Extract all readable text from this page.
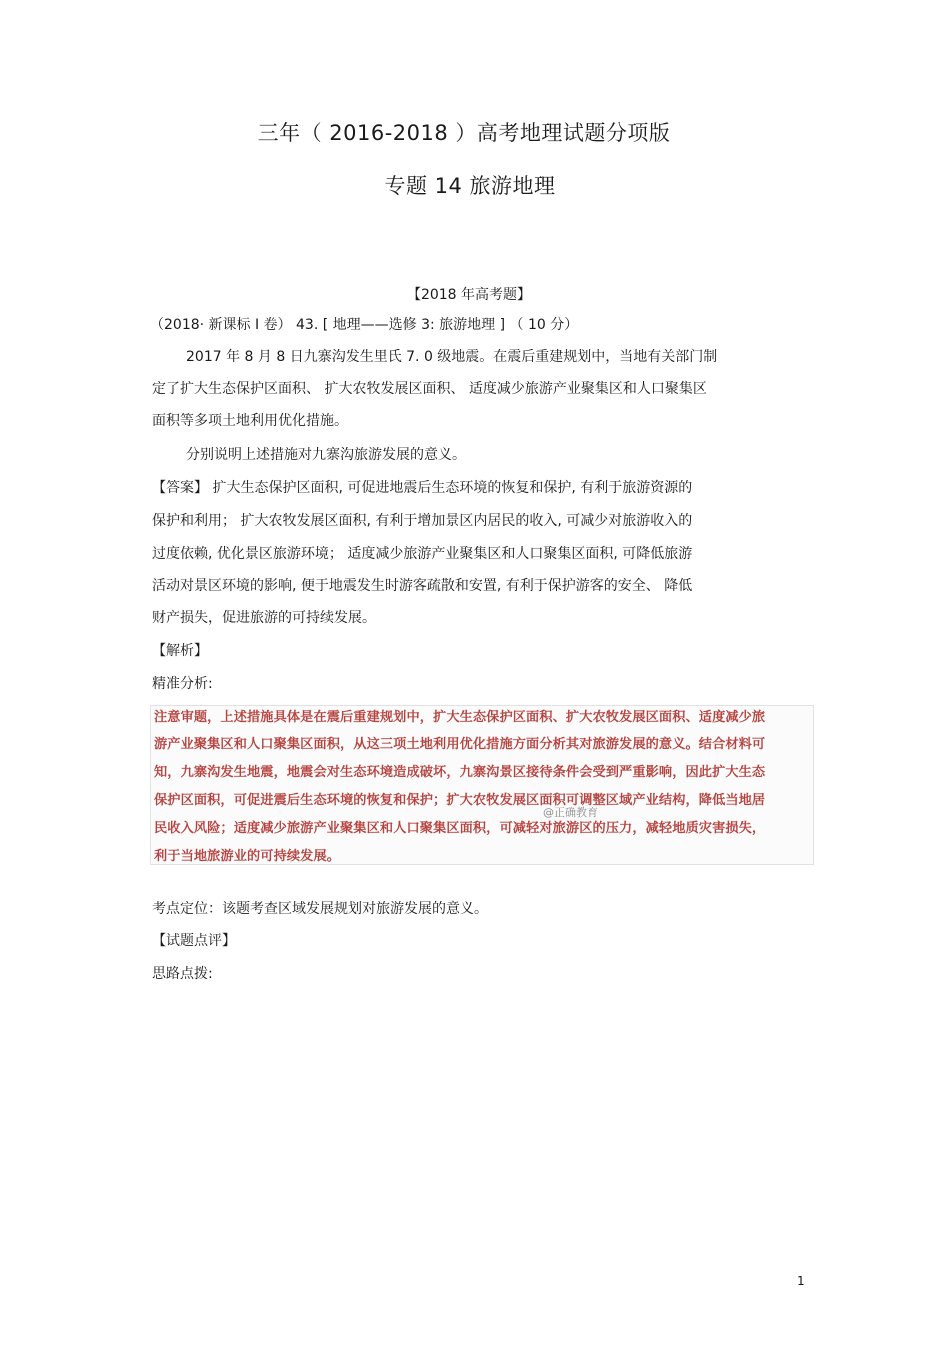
三年（ 2016-2018 ）高考地理试题分项版
专题 14 旅游地理
【2018 年高考题】
（2018· 新课标 I 卷） 43. [ 地理——选修 3: 旅游地理 ] （ 10 分）
2017 年 8 月 8 日九寨沟发生里氏 7. 0 级地震。在震后重建规划中，当地有关部门制
定了扩大生态保护区面积、 扩大农牧发展区面积、 适度减少旅游产业聚集区和人口聚集区
面积等多项土地利用优化措施。
分别说明上述措施对九寨沟旅游发展的意义。
【答案】 扩大生态保护区面积, 可促进地震后生态环境的恢复和保护, 有利于旅游资源的
保护和利用； 扩大农牧发展区面积, 有利于增加景区内居民的收入, 可减少对旅游收入的
过度依赖, 优化景区旅游环境； 适度减少旅游产业聚集区和人口聚集区面积, 可降低旅游
活动对景区环境的影响, 便于地震发生时游客疏散和安置, 有利于保护游客的安全、 降低
财产损失，促进旅游的可持续发展。
【解析】
精准分析:
注意审题，上述措施具体是在震后重建规划中，扩大生态保护区面积、扩大农牧发展区面积、适度减少旅
游产业聚集区和人口聚集区面积，从这三项土地利用优化措施方面分析其对旅游发展的意义。结合材料可
知，九寨沟发生地震，地震会对生态环境造成破坏，九寨沟景区接待条件会受到严重影响，因此扩大生态
保护区面积，可促进震后生态环境的恢复和保护；扩大农牧发展区面积可调整区域产业结构，降低当地居
民收入风险；适度减少旅游产业聚集区和人口聚集区面积，可减轻对旅游区的压力，减轻地质灾害损失，
利于当地旅游业的可持续发展。
@正确教育
考点定位：该题考查区域发展规划对旅游发展的意义。
【试题点评】
思路点拨:
1
